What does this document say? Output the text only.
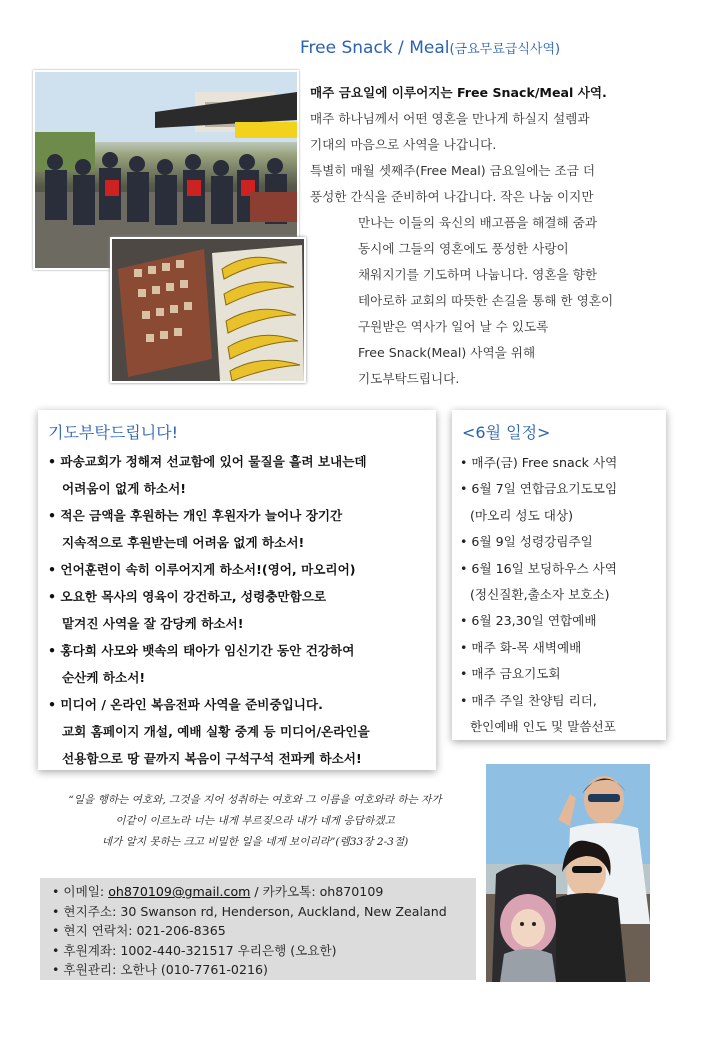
Free Snack / Meal(금요무료급식사역)
매주 금요일에 이루어지는 Free Snack/Meal 사역.
매주 하나님께서 어떤 영혼을 만나게 하실지 설렘과
기대의 마음으로 사역을 나갑니다.
특별히 매월 셋째주(Free Meal) 금요일에는 조금 더
풍성한 간식을 준비하여 나갑니다. 작은 나눔 이지만
만나는 이들의 육신의 배고픔을 해결해 줌과
동시에 그들의 영혼에도 풍성한 사랑이
채워지기를 기도하며 나눕니다. 영혼을 향한
테아로하 교회의 따뜻한 손길을 통해 한 영혼이
구원받은 역사가 일어 날 수 있도록
Free Snack(Meal) 사역을 위해
기도부탁드립니다.
기도부탁드립니다!
• 파송교회가 정해져 선교함에 있어 물질을 흘려 보내는데
어려움이 없게 하소서!
• 적은 금액을 후원하는 개인 후원자가 늘어나 장기간
지속적으로 후원받는데 어려움 없게 하소서!
• 언어훈련이 속히 이루어지게 하소서!(영어, 마오리어)
• 오요한 목사의 영육이 강건하고, 성령충만함으로
맡겨진 사역을 잘 감당케 하소서!
• 홍다희 사모와 뱃속의 태아가 임신기간 동안 건강하여
순산케 하소서!
• 미디어 / 온라인 복음전파 사역을 준비중입니다.
교회 홈페이지 개설, 예배 실황 중계 등 미디어/온라인을
선용함으로 땅 끝까지 복음이 구석구석 전파케 하소서!
<6월 일정>
• 매주(금) Free snack 사역
• 6월 7일 연합금요기도모임
(마오리 성도 대상)
• 6월 9일 성령강림주일
• 6월 16일 보딩하우스 사역
(정신질환,출소자 보호소)
• 6월 23,30일 연합예배
• 매주 화-목 새벽예배
• 매주 금요기도회
• 매주 주일 찬양팀 리더,
한인예배 인도 및 말씀선포
“일을 행하는 여호와, 그것을 지어 성취하는 여호와 그 이름을 여호와라 하는 자가
이같이 이르노라 너는 내게 부르짖으라 내가 네게 응답하겠고
네가 알지 못하는 크고 비밀한 일을 네게 보이리라”(렘33장 2-3절)
• 이메일: oh870109@gmail.com / 카카오톡: oh870109
• 현지주소: 30 Swanson rd, Henderson, Auckland, New Zealand
• 현지 연락처: 021-206-8365
• 후원계좌: 1002-440-321517 우리은행 (오요한)
• 후원관리: 오한나 (010-7761-0216)
